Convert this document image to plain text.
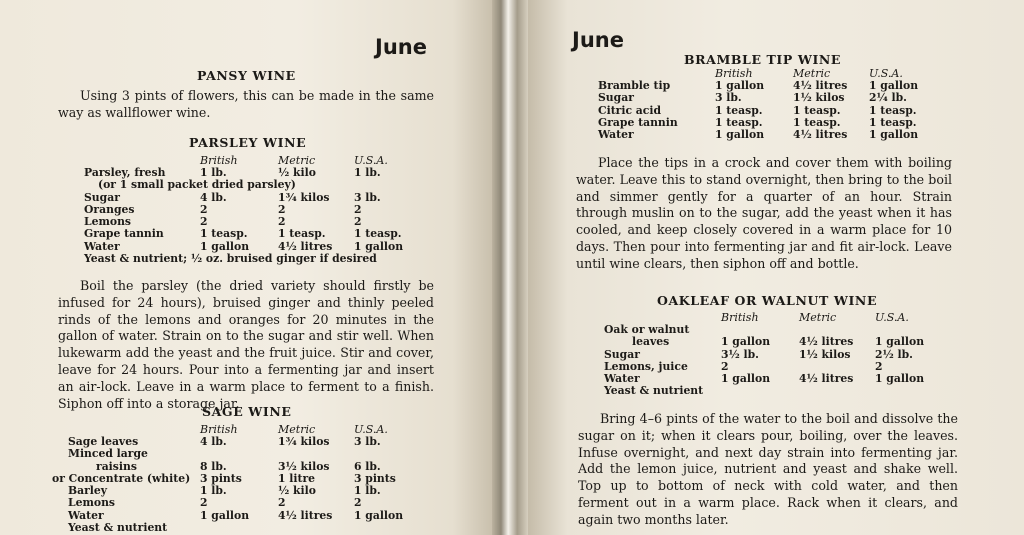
June
PANSY WINE

Using 3 pints of flowers, this can be made in the same way as wallflower wine.

PARSLEY WINE
	British	Metric	U.S.A.
Parsley, fresh	1 lb.	½ kilo	1 lb.
(or 1 small packet dried parsley)			
Sugar	4 lb.	1¾ kilos	3 lb.
Oranges	2	2	2
Lemons	2	2	2
Grape tannin	1 teasp.	1 teasp.	1 teasp.
Water	1 gallon	4½ litres	1 gallon
Yeast & nutrient; ½ oz. bruised ginger if desired			

Boil the parsley (the dried variety should firstly be infused for 24 hours), bruised ginger and thinly peeled rinds of the lemons and oranges for 20 minutes in the gallon of water. Strain on to the sugar and stir well. When lukewarm add the yeast and the fruit juice. Stir and cover, leave for 24 hours. Pour into a fermenting jar and insert an air-lock. Leave in a warm place to ferment to a finish. Siphon off into a storage jar.

SAGE WINE
	British	Metric	U.S.A.
Sage leaves	4 lb.	1¾ kilos	3 lb.
Minced large			
raisins	8 lb.	3½ kilos	6 lb.
or Concentrate (white)	3 pints	1 litre	3 pints
Barley	1 lb.	½ kilo	1 lb.
Lemons	2	2	2
Water	1 gallon	4½ litres	1 gallon
Yeast & nutrient			
June
BRAMBLE TIP WINE
	British	Metric	U.S.A.
Bramble tip	1 gallon	4½ litres	1 gallon
Sugar	3 lb.	1½ kilos	2¼ lb.
Citric acid	1 teasp.	1 teasp.	1 teasp.
Grape tannin	1 teasp.	1 teasp.	1 teasp.
Water	1 gallon	4½ litres	1 gallon

Place the tips in a crock and cover them with boiling water. Leave this to stand overnight, then bring to the boil and simmer gently for a quarter of an hour. Strain through muslin on to the sugar, add the yeast when it has cooled, and keep closely covered in a warm place for 10 days. Then pour into fermenting jar and fit air-lock. Leave until wine clears, then siphon off and bottle.

OAKLEAF OR WALNUT WINE
	British	Metric	U.S.A.
Oak or walnut			
leaves	1 gallon	4½ litres	1 gallon
Sugar	3½ lb.	1½ kilos	2½ lb.
Lemons, juice	2		2
Water	1 gallon	4½ litres	1 gallon
Yeast & nutrient			

Bring 4–6 pints of the water to the boil and dissolve the sugar on it; when it clears pour, boiling, over the leaves. Infuse overnight, and next day strain into fermenting jar. Add the lemon juice, nutrient and yeast and shake well. Top up to bottom of neck with cold water, and then ferment out in a warm place. Rack when it clears, and again two months later.
